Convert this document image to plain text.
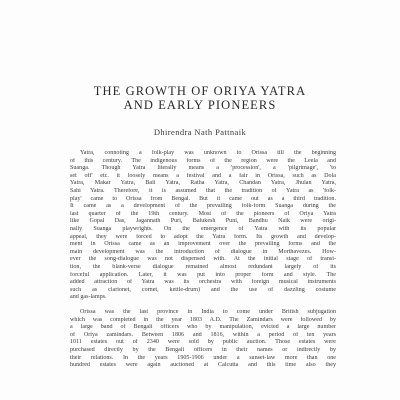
THE GROWTH OF ORIYA YATRA
AND EARLY PIONEERS
Dhirendra Nath Pattnaik
Yatra, connoting a folk-play was unknown to Orissa till the beginning
of this century. The indigenous forms of the region were the Leela and
Suanga. Though Yatra literally means a 'procession', a 'pilgrimage', 'to
set off' etc. it loosely means a festival and a fair in Orissa, such as Dola
Yatra, Makar Yatra, Bali Yatra, Ratha Yatra, Chandan Yatra, Jhulan Yatra,
Sahi Yatra. Therefore, it is assumed that the tradition of Yatra as 'folk-
play' came to Orissa from Bengal. But it came out as a third tradition.
It came as a development of the prevailing folk-form Suanga during the
last quarter of the 19th century. Most of the pioneers of Oriya Yatra
like Gopal Das, Jagannath Puri, Balukesh Puni, Bandhu Naik were origi-
nally Suanga playwrights. On the emergence of Yatra with its popular
appeal, they were forced to adopt the Yatra form. Its growth and develop-
ment in Orissa came as an improvement over the prevailing forms and the
main development was the introduction of dialogue in Morthavezes. How-
ever the song-dialogue was not dispensed with. At the initial stage of transi-
tion, the blank-verse dialogue remained almost redundant largely of its
forceful application. Later, it was put into proper form and style. The
added attraction of Yatra was its orchestra with foreign musical instruments
such as clarionet, cornet, kettle-drum) and the use of dazzling costume
and gas-lamps.
Orissa was the last province in India to come under British subjugation
which was completed in the year 1803 A.D. The Zamindars were followed by
a large band of Bengali officers who by manipulation, evicted a large number
of Oriya zamindars. Between 1806 and 1816, within a period of ten years
1011 estates out of 2340 were sold by public auction. Those estates were
purchased directly by the Bengali officers in their names or indirectly by
their relations. In the years 1905-1906 under a sunset-law more than one
hundred estates were again auctioned at Calcutta and this time also they
